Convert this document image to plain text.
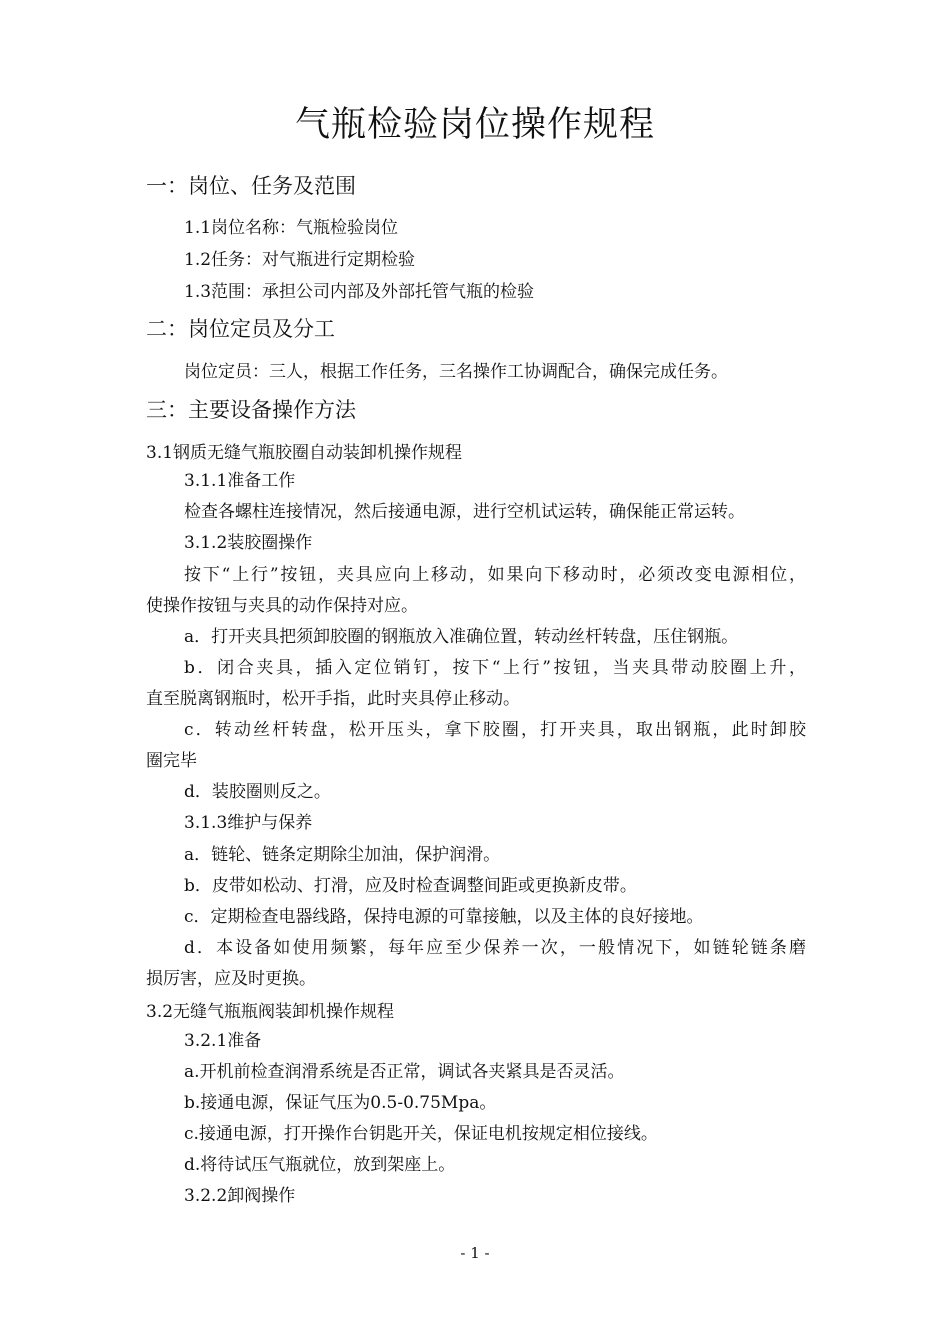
气瓶检验岗位操作规程
一：岗位、任务及范围
1.1岗位名称：气瓶检验岗位
1.2任务：对气瓶进行定期检验
1.3范围：承担公司内部及外部托管气瓶的检验
二：岗位定员及分工
岗位定员：三人，根据工作任务，三名操作工协调配合，确保完成任务。
三：主要设备操作方法
3.1钢质无缝气瓶胶圈自动装卸机操作规程
3.1.1准备工作
检查各螺柱连接情况，然后接通电源，进行空机试运转，确保能正常运转。
3.1.2装胶圈操作
按下“上行”按钮，夹具应向上移动，如果向下移动时，必须改变电源相位，
使操作按钮与夹具的动作保持对应。
a．打开夹具把须卸胶圈的钢瓶放入准确位置，转动丝杆转盘，压住钢瓶。
b．闭合夹具，插入定位销钉，按下“上行”按钮，当夹具带动胶圈上升，
直至脱离钢瓶时，松开手指，此时夹具停止移动。
c．转动丝杆转盘，松开压头，拿下胶圈，打开夹具，取出钢瓶，此时卸胶
圈完毕
d．装胶圈则反之。
3.1.3维护与保养
a．链轮、链条定期除尘加油，保护润滑。
b．皮带如松动、打滑，应及时检查调整间距或更换新皮带。
c．定期检查电器线路，保持电源的可靠接触，以及主体的良好接地。
d．本设备如使用频繁，每年应至少保养一次，一般情况下，如链轮链条磨
损厉害，应及时更换。
3.2无缝气瓶瓶阀装卸机操作规程
3.2.1准备
a.开机前检查润滑系统是否正常，调试各夹紧具是否灵活。
b.接通电源，保证气压为0.5-0.75Mpa。
c.接通电源，打开操作台钥匙开关，保证电机按规定相位接线。
d.将待试压气瓶就位，放到架座上。
3.2.2卸阀操作
- 1 -
